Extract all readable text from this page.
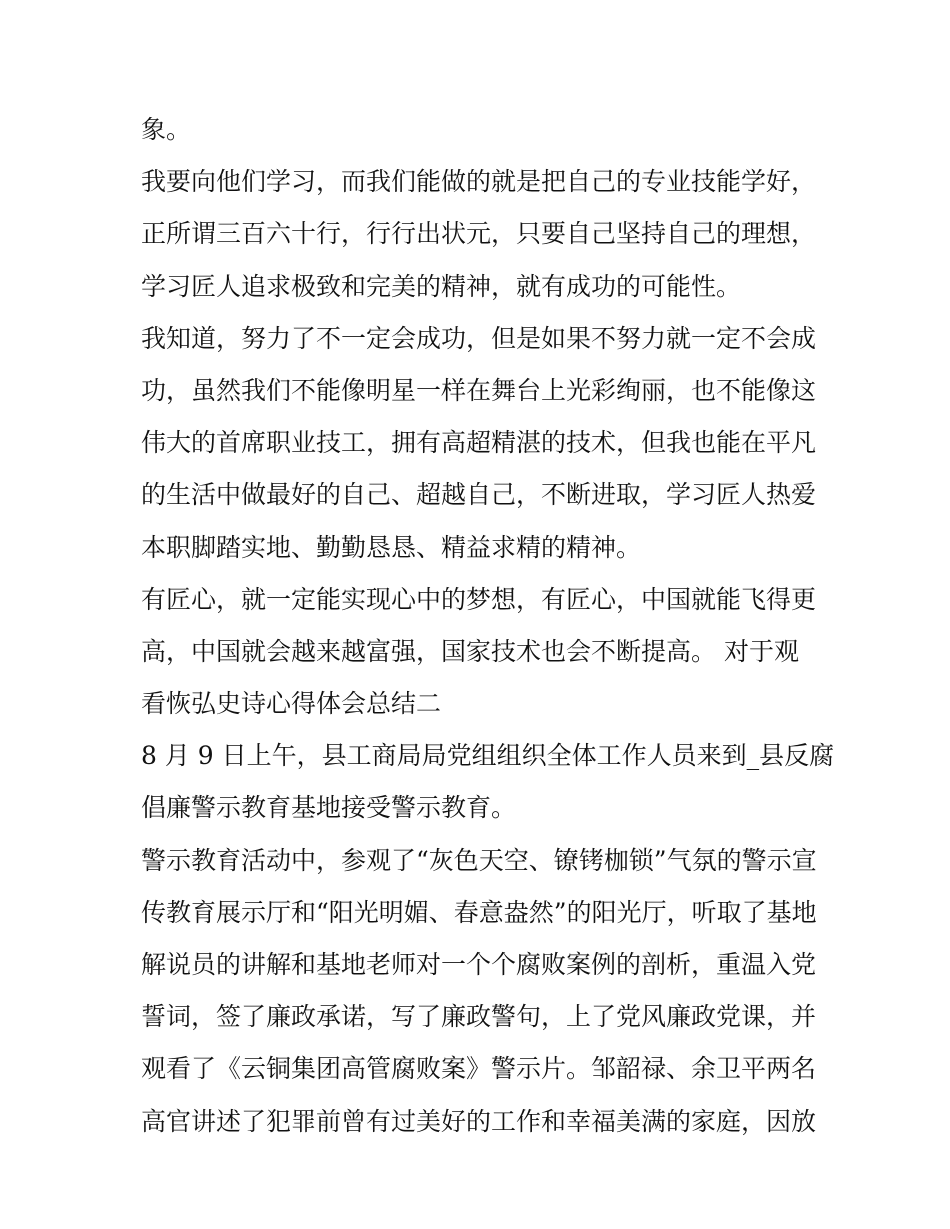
象。
我要向他们学习，而我们能做的就是把自己的专业技能学好，
正所谓三百六十行，行行出状元，只要自己坚持自己的理想，
学习匠人追求极致和完美的精神，就有成功的可能性。
我知道，努力了不一定会成功，但是如果不努力就一定不会成
功，虽然我们不能像明星一样在舞台上光彩绚丽，也不能像这
伟大的首席职业技工，拥有高超精湛的技术，但我也能在平凡
的生活中做最好的自己、超越自己，不断进取，学习匠人热爱
本职脚踏实地、勤勤恳恳、精益求精的精神。
有匠心，就一定能实现心中的梦想，有匠心，中国就能飞得更
高，中国就会越来越富强，国家技术也会不断提高。 对于观
看恢弘史诗心得体会总结二
8 月 9 日上午，县工商局局党组组织全体工作人员来到_县反腐
倡廉警示教育基地接受警示教育。
警示教育活动中，参观了“灰色天空、镣铐枷锁”气氛的警示宣
传教育展示厅和“阳光明媚、春意盎然”的阳光厅，听取了基地
解说员的讲解和基地老师对一个个腐败案例的剖析，重温入党
誓词，签了廉政承诺，写了廉政警句，上了党风廉政党课，并
观看了《云铜集团高管腐败案》警示片。邹韶禄、余卫平两名
高官讲述了犯罪前曾有过美好的工作和幸福美满的家庭，因放
